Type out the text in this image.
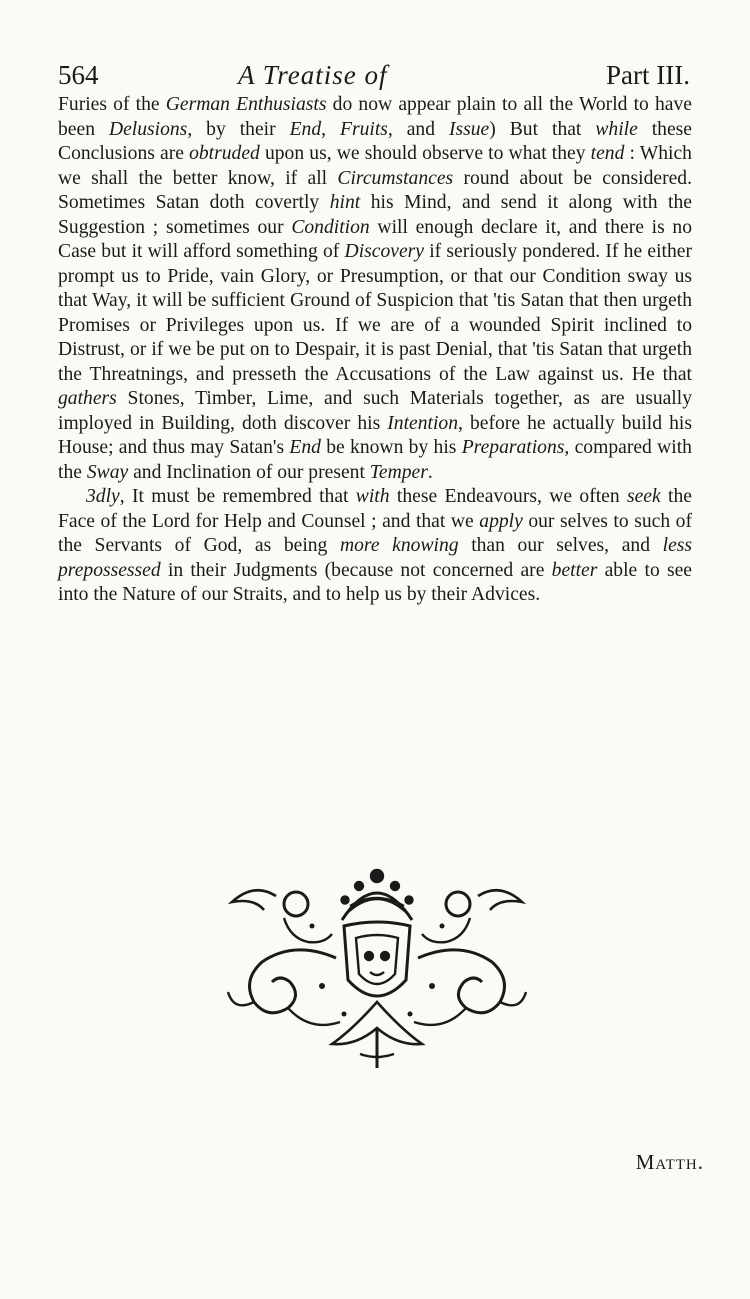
564	A Treatise of	Part III.

Furies of the German Enthusiasts do now appear plain to all the World to have been Delusions, by their End, Fruits, and Issue) But that while these Conclusions are obtruded upon us, we should observe to what they tend : Which we shall the better know, if all Circumstances round about be considered. Sometimes Satan doth covertly hint his Mind, and send it along with the Suggestion ; sometimes our Condition will enough declare it, and there is no Case but it will afford something of Discovery if seriously pondered. If he either prompt us to Pride, vain Glory, or Presumption, or that our Condition sway us that Way, it will be sufficient Ground of Suspicion that 'tis Satan that then urgeth Promises or Privileges upon us. If we are of a wounded Spirit inclined to Distrust, or if we be put on to Despair, it is past Denial, that 'tis Satan that urgeth the Threatnings, and presseth the Accusations of the Law against us. He that gathers Stones, Timber, Lime, and such Materials together, as are usually imployed in Building, doth discover his Intention, before he actually build his House; and thus may Satan's End be known by his Preparations, compared with the Sway and Inclination of our present Temper.

3dly, It must be remembred that with these Endeavours, we often seek the Face of the Lord for Help and Counsel ; and that we apply our selves to such of the Servants of God, as being more knowing than our selves, and less prepossessed in their Judgments (because not concerned are better able to see into the Nature of our Straits, and to help us by their Advices.

Matth.
